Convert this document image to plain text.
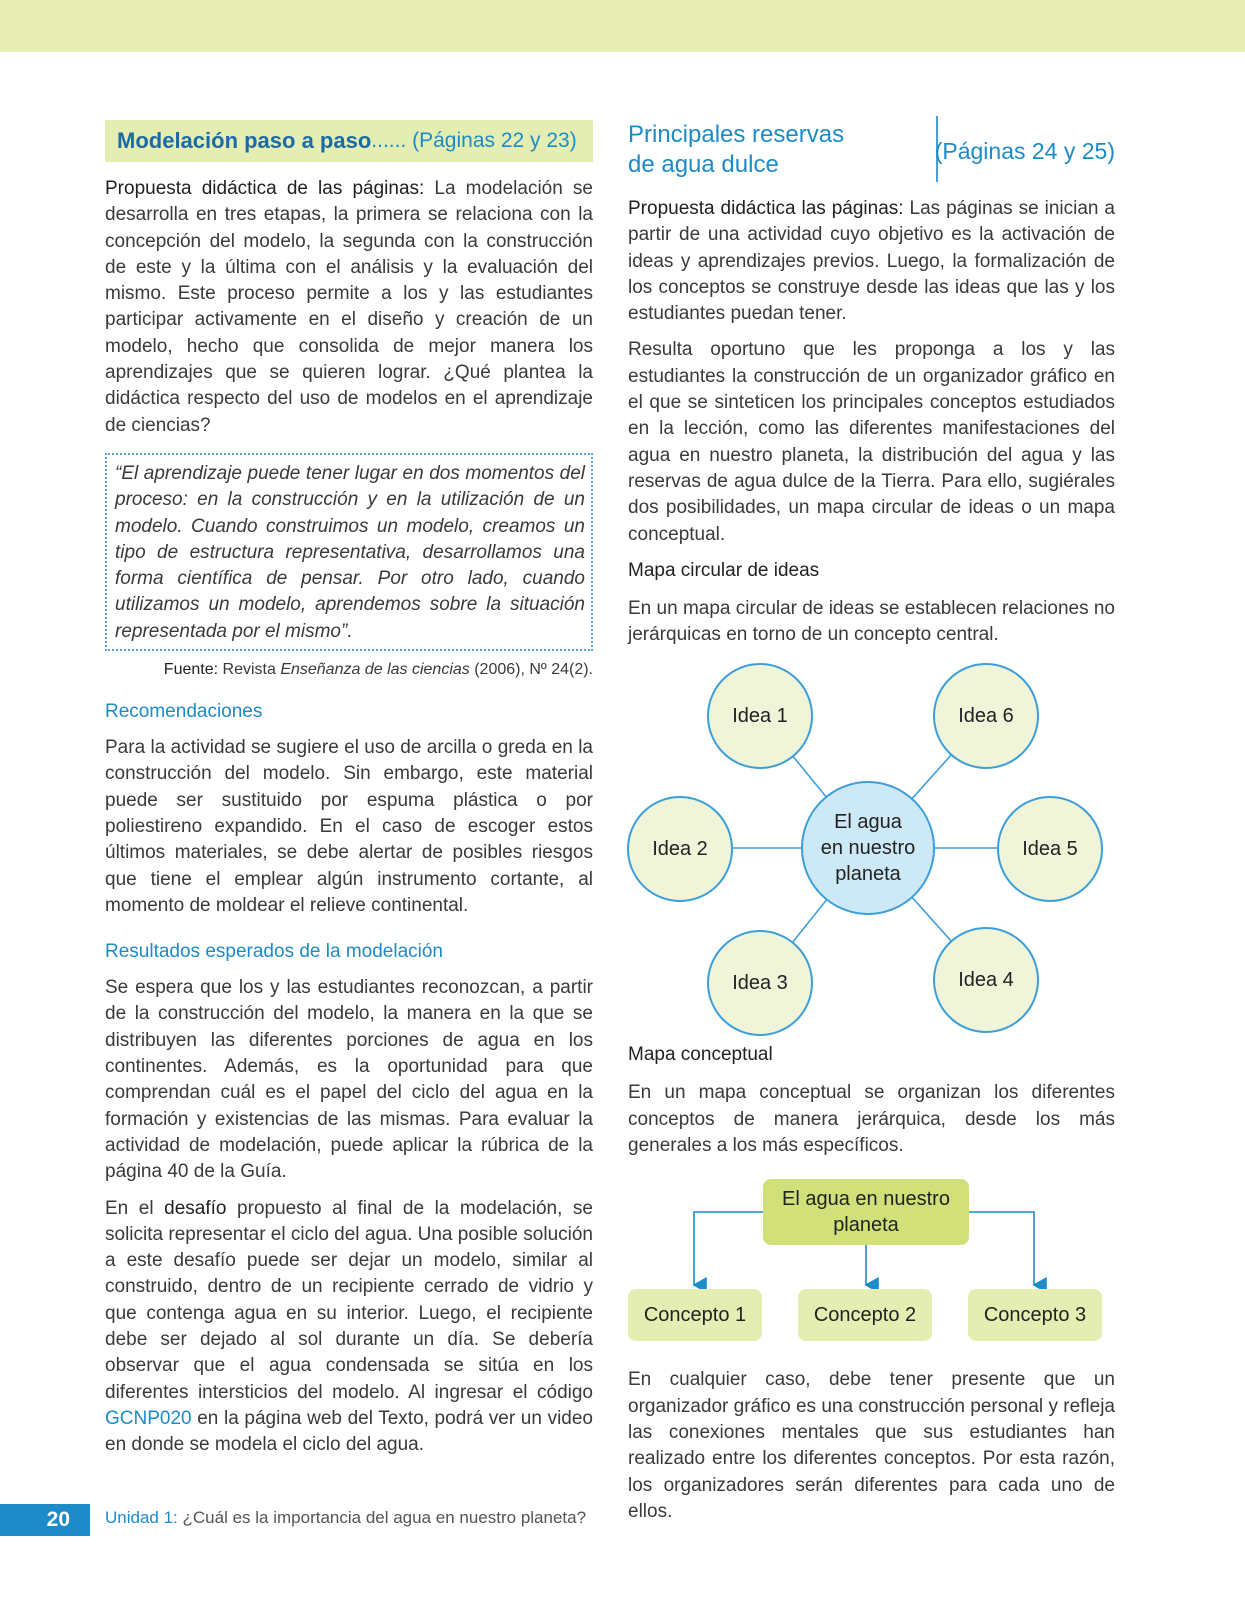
Modelación paso a paso ...... (Páginas 22 y 23)

Propuesta didáctica de las páginas: La modelación se desarrolla en tres etapas, la primera se relaciona con la concepción del modelo, la segunda con la construcción de este y la última con el análisis y la evaluación del mismo. Este proceso permite a los y las estudiantes participar activamente en el diseño y creación de un modelo, hecho que consolida de mejor manera los aprendizajes que se quieren lograr. ¿Qué plantea la didáctica respecto del uso de modelos en el aprendizaje de ciencias?

“El aprendizaje puede tener lugar en dos momentos del proceso: en la construcción y en la utilización de un modelo. Cuando construimos un modelo, creamos un tipo de estructura representativa, desarrollamos una forma científica de pensar. Por otro lado, cuando utilizamos un modelo, aprendemos sobre la situación representada por el mismo”.

Fuente: Revista Enseñanza de las ciencias (2006), Nº 24(2).
Recomendaciones

Para la actividad se sugiere el uso de arcilla o greda en la construcción del modelo. Sin embargo, este material puede ser sustituido por espuma plástica o por poliestireno expandido. En el caso de escoger estos últimos materiales, se debe alertar de posibles riesgos que tiene el emplear algún instrumento cortante, al momento de moldear el relieve continental.

Resultados esperados de la modelación

Se espera que los y las estudiantes reconozcan, a partir de la construcción del modelo, la manera en la que se distribuyen las diferentes porciones de agua en los continentes. Además, es la oportunidad para que comprendan cuál es el papel del ciclo del agua en la formación y existencias de las mismas. Para evaluar la actividad de modelación, puede aplicar la rúbrica de la página 40 de la Guía.

En el desafío propuesto al final de la modelación, se solicita representar el ciclo del agua. Una posible solución a este desafío puede ser dejar un modelo, similar al construido, dentro de un recipiente cerrado de vidrio y que contenga agua en su interior. Luego, el recipiente debe ser dejado al sol durante un día. Se debería observar que el agua condensada se sitúa en los diferentes intersticios del modelo. Al ingresar el código GCNP020 en la página web del Texto, podrá ver un video en donde se modela el ciclo del agua.

Principales reservas
de agua dulce	(Páginas 24 y 25)

Propuesta didáctica las páginas: Las páginas se inician a partir de una actividad cuyo objetivo es la activación de ideas y aprendizajes previos. Luego, la formalización de los conceptos se construye desde las ideas que las y los estudiantes puedan tener.

Resulta oportuno que les proponga a los y las estudiantes la construcción de un organizador gráfico en el que se sinteticen los principales conceptos estudiados en la lección, como las diferentes manifestaciones del agua en nuestro planeta, la distribución del agua y las reservas de agua dulce de la Tierra. Para ello, sugiérales dos posibilidades, un mapa circular de ideas o un mapa conceptual.

Mapa circular de ideas

En un mapa circular de ideas se establecen relaciones no jerárquicas en torno de un concepto central.

Idea 1	Idea 6
Idea 2	Idea 5
Idea 3	Idea 4
El agua
en nuestro
planeta
Mapa conceptual

En un mapa conceptual se organizan los diferentes conceptos de manera jerárquica, desde los más generales a los más específicos.

El agua en nuestro
planeta
Concepto 1	Concepto 2	Concepto 3

En cualquier caso, debe tener presente que un organizador gráfico es una construcción personal y refleja las conexiones mentales que sus estudiantes han realizado entre los diferentes conceptos. Por esta razón, los organizadores serán diferentes para cada uno de ellos.

20	Unidad 1: ¿Cuál es la importancia del agua en nuestro planeta?
